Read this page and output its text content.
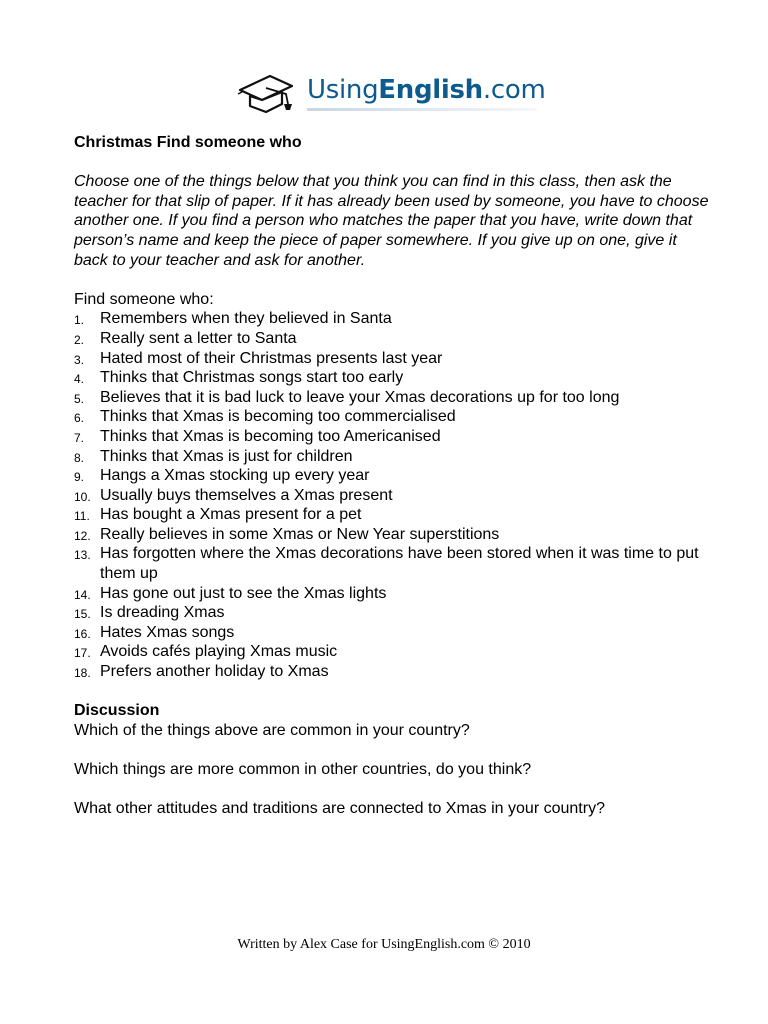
UsingEnglish.com
Christmas Find someone who

Choose one of the things below that you think you can find in this class, then ask the teacher for that slip of paper. If it has already been used by someone, you have to choose another one. If you find a person who matches the paper that you have, write down that person’s name and keep the piece of paper somewhere. If you give up on one, give it back to your teacher and ask for another.

Find someone who:

1. Remembers when they believed in Santa
2. Really sent a letter to Santa
3. Hated most of their Christmas presents last year
4. Thinks that Christmas songs start too early
5. Believes that it is bad luck to leave your Xmas decorations up for too long
6. Thinks that Xmas is becoming too commercialised
7. Thinks that Xmas is becoming too Americanised
8. Thinks that Xmas is just for children
9. Hangs a Xmas stocking up every year
10. Usually buys themselves a Xmas present
11. Has bought a Xmas present for a pet
12. Really believes in some Xmas or New Year superstitions
13. Has forgotten where the Xmas decorations have been stored when it was time to put them up
14. Has gone out just to see the Xmas lights
15. Is dreading Xmas
16. Hates Xmas songs
17. Avoids cafés playing Xmas music
18. Prefers another holiday to Xmas
Discussion

Which of the things above are common in your country?

Which things are more common in other countries, do you think?

What other attitudes and traditions are connected to Xmas in your country?

Written by Alex Case for UsingEnglish.com © 2010
